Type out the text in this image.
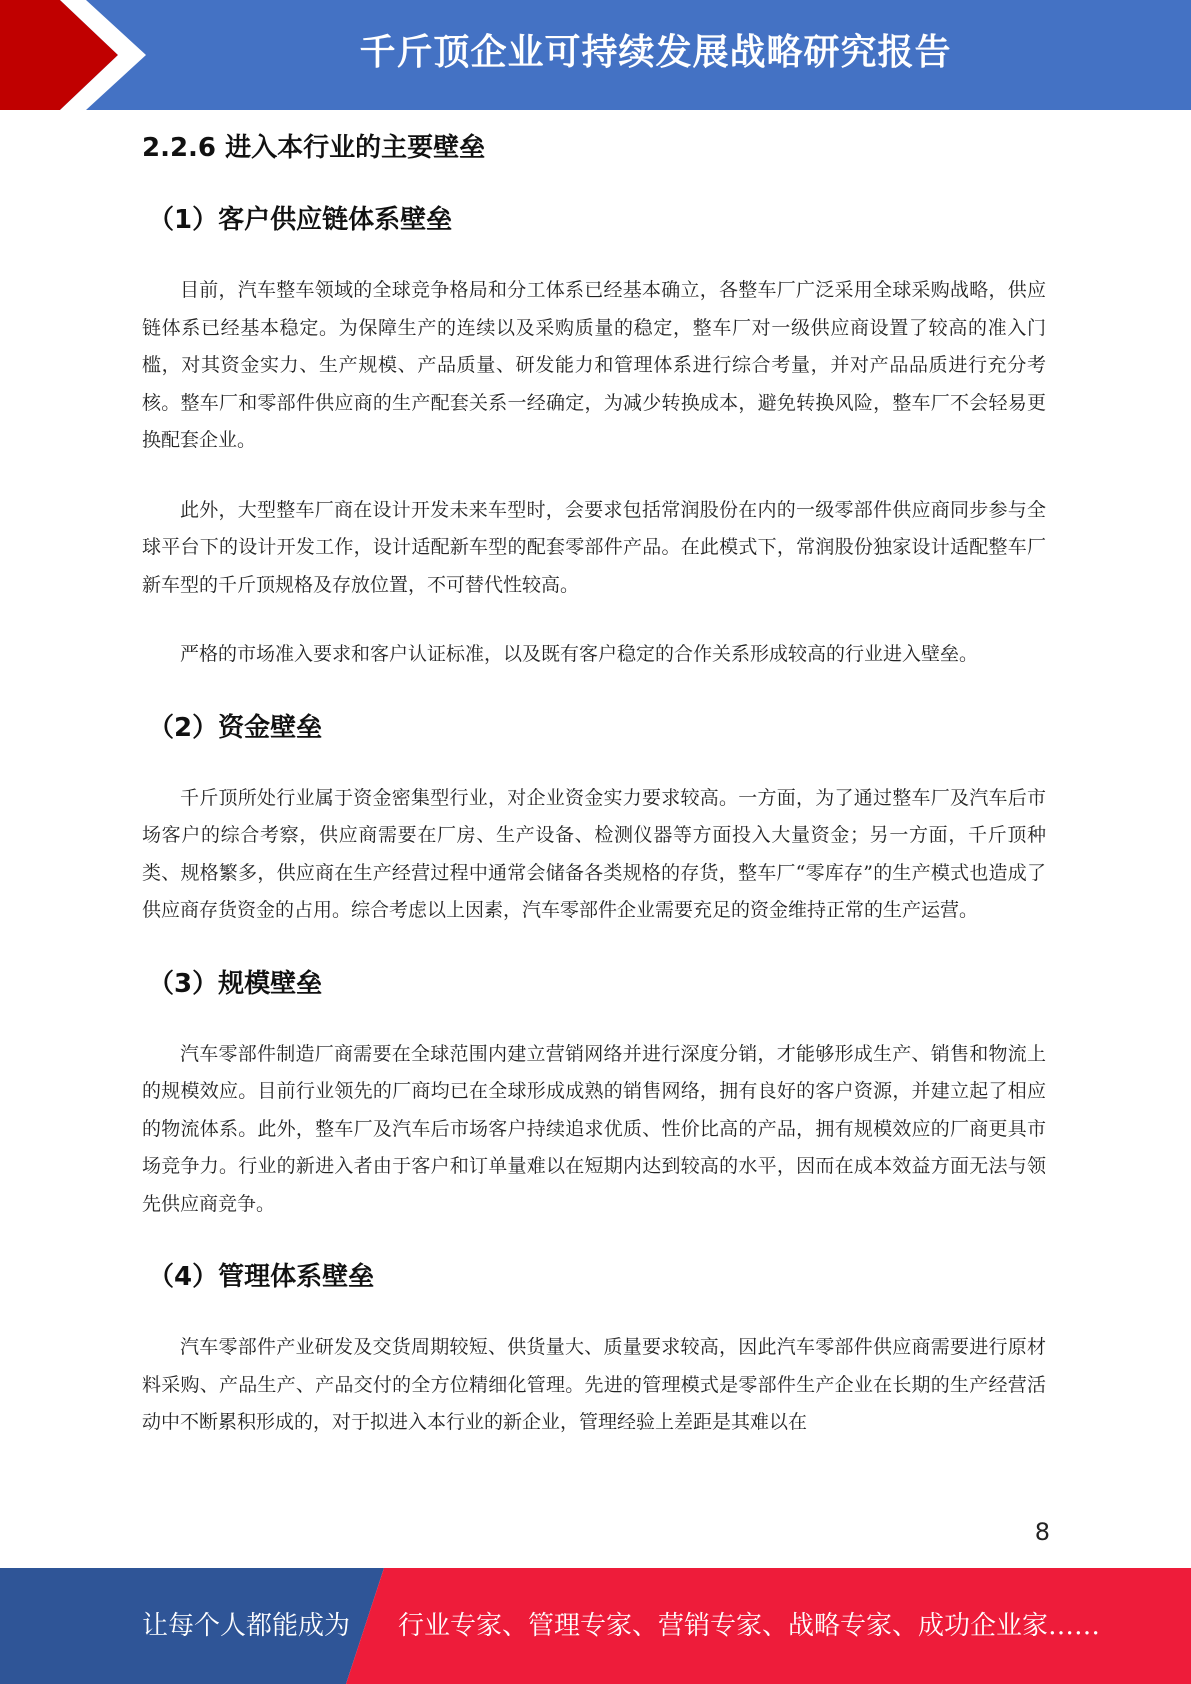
千斤顶企业可持续发展战略研究报告
2.2.6 进入本行业的主要壁垒
（1）客户供应链体系壁垒

目前，汽车整车领域的全球竞争格局和分工体系已经基本确立，各整车厂广泛采用全球采购战略，供应链体系已经基本稳定。为保障生产的连续以及采购质量的稳定，整车厂对一级供应商设置了较高的准入门槛，对其资金实力、生产规模、产品质量、研发能力和管理体系进行综合考量，并对产品品质进行充分考核。整车厂和零部件供应商的生产配套关系一经确定，为减少转换成本，避免转换风险，整车厂不会轻易更换配套企业。

此外，大型整车厂商在设计开发未来车型时，会要求包括常润股份在内的一级零部件供应商同步参与全球平台下的设计开发工作，设计适配新车型的配套零部件产品。在此模式下，常润股份独家设计适配整车厂新车型的千斤顶规格及存放位置，不可替代性较高。

严格的市场准入要求和客户认证标准，以及既有客户稳定的合作关系形成较高的行业进入壁垒。

（2）资金壁垒

千斤顶所处行业属于资金密集型行业，对企业资金实力要求较高。一方面，为了通过整车厂及汽车后市场客户的综合考察，供应商需要在厂房、生产设备、检测仪器等方面投入大量资金；另一方面，千斤顶种类、规格繁多，供应商在生产经营过程中通常会储备各类规格的存货，整车厂“零库存”的生产模式也造成了供应商存货资金的占用。综合考虑以上因素，汽车零部件企业需要充足的资金维持正常的生产运营。

（3）规模壁垒

汽车零部件制造厂商需要在全球范围内建立营销网络并进行深度分销，才能够形成生产、销售和物流上的规模效应。目前行业领先的厂商均已在全球形成成熟的销售网络，拥有良好的客户资源，并建立起了相应的物流体系。此外，整车厂及汽车后市场客户持续追求优质、性价比高的产品，拥有规模效应的厂商更具市场竞争力。行业的新进入者由于客户和订单量难以在短期内达到较高的水平，因而在成本效益方面无法与领先供应商竞争。

（4）管理体系壁垒

汽车零部件产业研发及交货周期较短、供货量大、质量要求较高，因此汽车零部件供应商需要进行原材料采购、产品生产、产品交付的全方位精细化管理。先进的管理模式是零部件生产企业在长期的生产经营活动中不断累积形成的，对于拟进入本行业的新企业，管理经验上差距是其难以在

8
让每个人都能成为 行业专家、管理专家、营销专家、战略专家、成功企业家……
